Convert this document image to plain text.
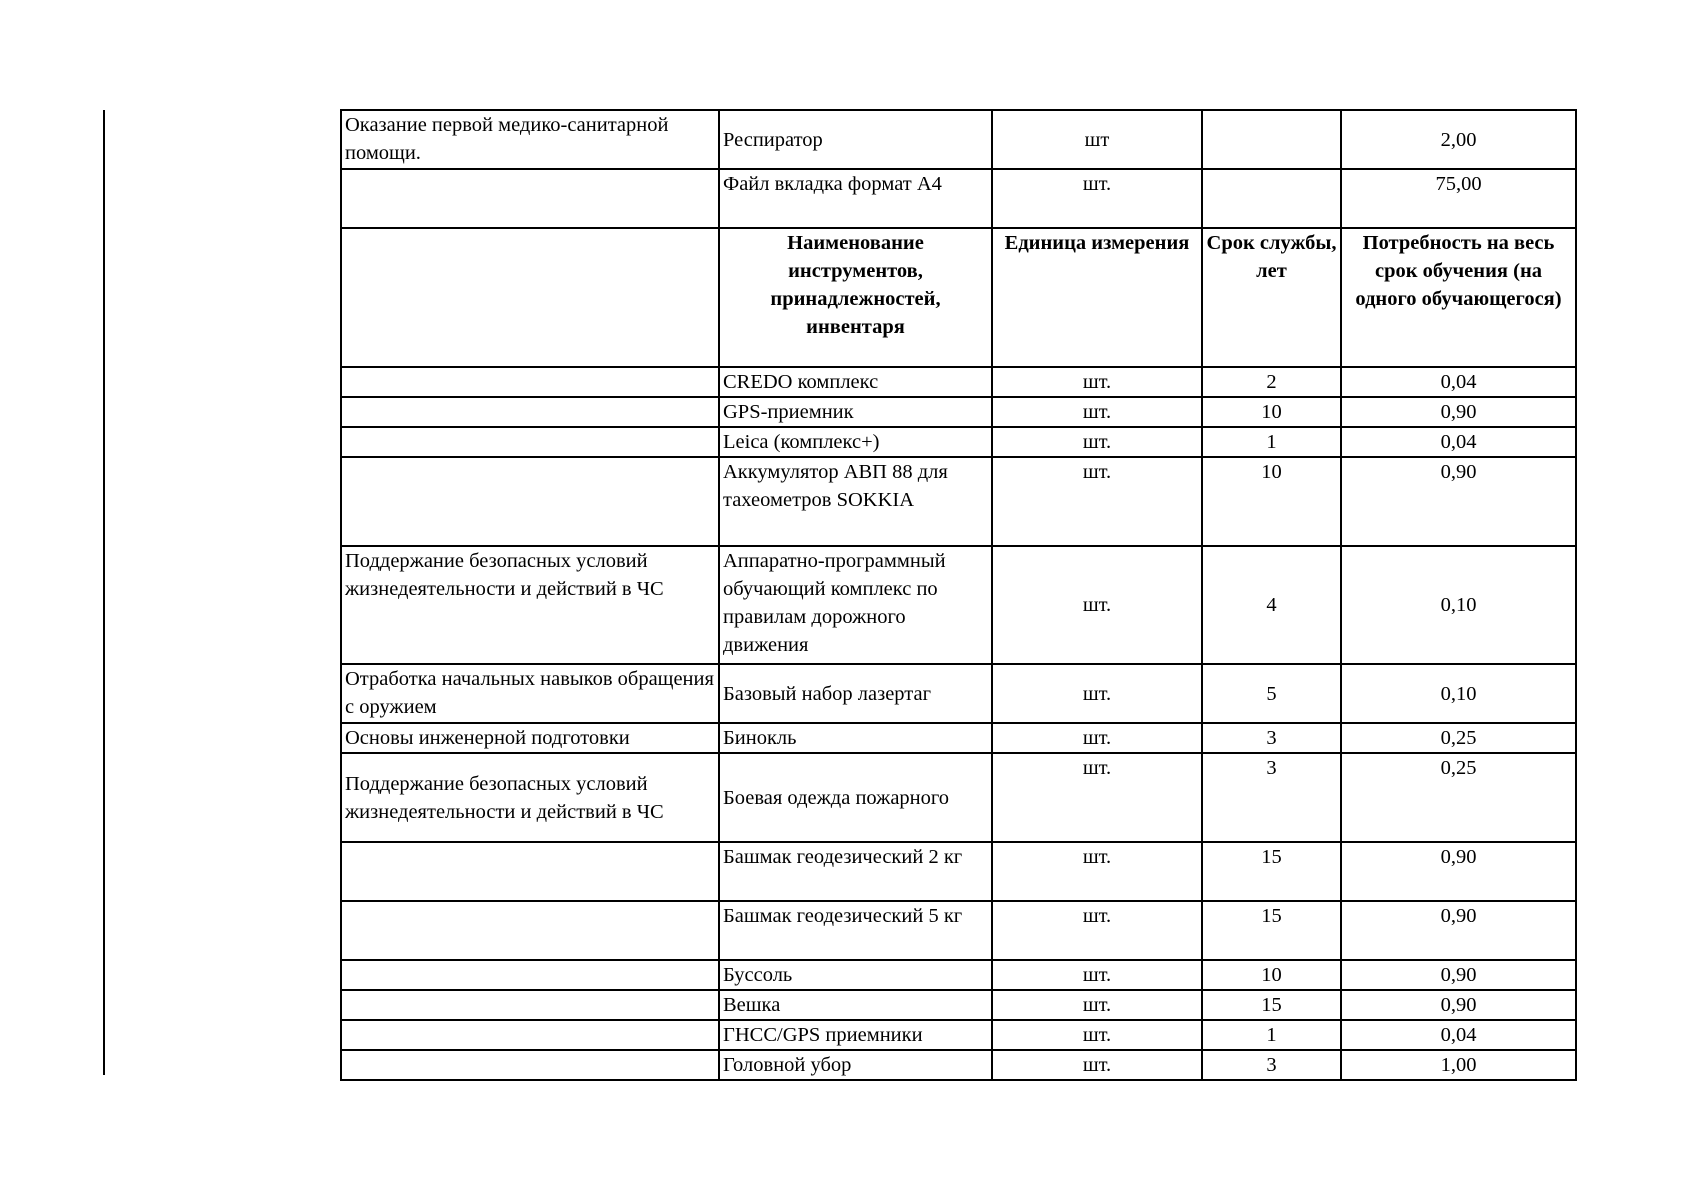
Оказание первой медико-санитарной помощи.	Респиратор	шт		2,00
	Файл вкладка формат А4	шт.		75,00
	Наименование инструментов, принадлежностей, инвентаря	Единица измерения	Срок службы, лет	Потребность на весь срок обучения (на одного обучающегося)
	CREDO комплекс	шт.	2	0,04
	GPS-приемник	шт.	10	0,90
	Leica (комплекс+)	шт.	1	0,04
	Аккумулятор АВП 88 для тахеометров SOKKIA	шт.	10	0,90
Поддержание безопасных условий жизнедеятельности и действий в ЧС	Аппаратно-программный обучающий комплекс по правилам дорожного движения	шт.	4	0,10
Отработка начальных навыков обращения с оружием	Базовый набор лазертаг	шт.	5	0,10
Основы инженерной подготовки	Бинокль	шт.	3	0,25
Поддержание безопасных условий жизнедеятельности и действий в ЧС	Боевая одежда пожарного	шт.	3	0,25
	Башмак геодезический 2 кг	шт.	15	0,90
	Башмак геодезический 5 кг	шт.	15	0,90
	Буссоль	шт.	10	0,90
	Вешка	шт.	15	0,90
	ГНСС/GPS приемники	шт.	1	0,04
	Головной убор	шт.	3	1,00
